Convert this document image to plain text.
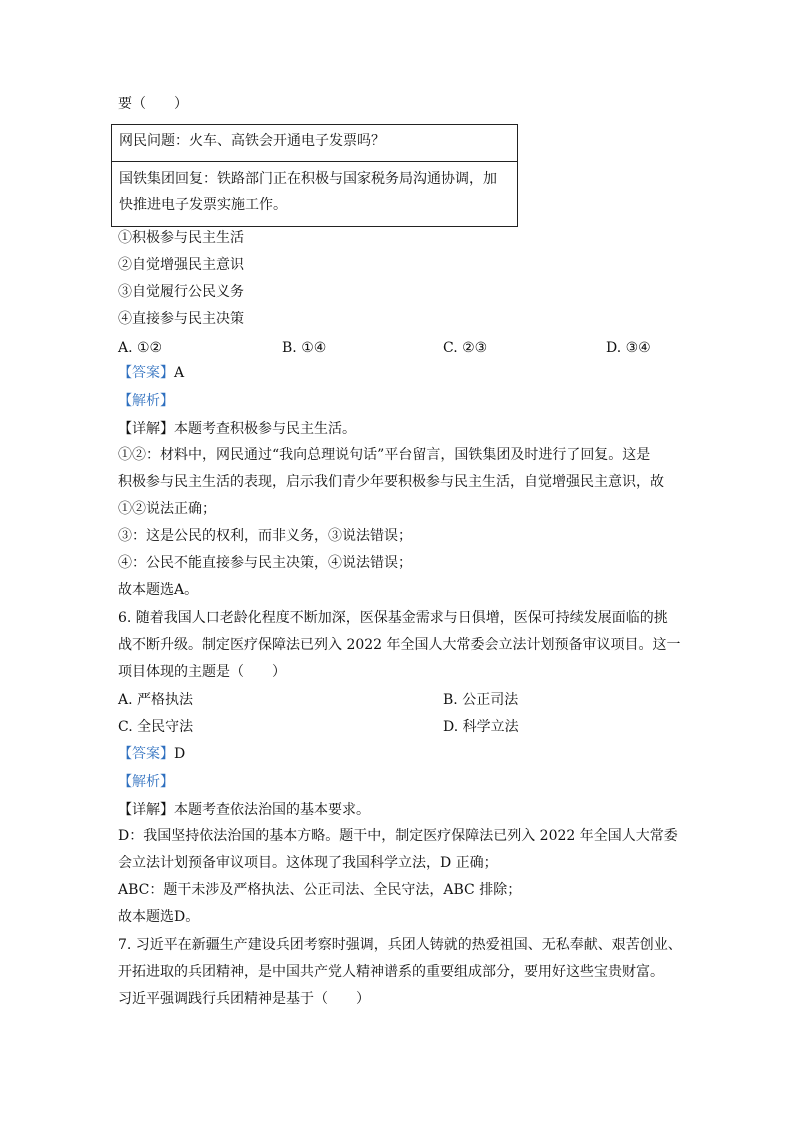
要（　　）
网民问题：火车、高铁会开通电子发票吗？
国铁集团回复：铁路部门正在积极与国家税务局沟通协调，加
快推进电子发票实施工作。
①积极参与民主生活
②自觉增强民主意识
③自觉履行公民义务
④直接参与民主决策
A. ①②	B. ①④	C. ②③	D. ③④
【答案】A
【解析】
【详解】本题考查积极参与民主生活。
①②：材料中，网民通过“我向总理说句话”平台留言，国铁集团及时进行了回复。这是
积极参与民主生活的表现，启示我们青少年要积极参与民主生活，自觉增强民主意识，故
①②说法正确；
③：这是公民的权利，而非义务，③说法错误；
④：公民不能直接参与民主决策，④说法错误；
故本题选A。
6. 随着我国人口老龄化程度不断加深，医保基金需求与日俱增，医保可持续发展面临的挑
战不断升级。制定医疗保障法已列入 2022 年全国人大常委会立法计划预备审议项目。这一
项目体现的主题是（　　）
A. 严格执法	B. 公正司法
C. 全民守法	D. 科学立法
【答案】D
【解析】
【详解】本题考查依法治国的基本要求。
D：我国坚持依法治国的基本方略。题干中，制定医疗保障法已列入 2022 年全国人大常委
会立法计划预备审议项目。这体现了我国科学立法，D 正确；
ABC：题干未涉及严格执法、公正司法、全民守法，ABC 排除；
故本题选D。
7. 习近平在新疆生产建设兵团考察时强调，兵团人铸就的热爱祖国、无私奉献、艰苦创业、
开拓进取的兵团精神，是中国共产党人精神谱系的重要组成部分，要用好这些宝贵财富。
习近平强调践行兵团精神是基于（　　）
